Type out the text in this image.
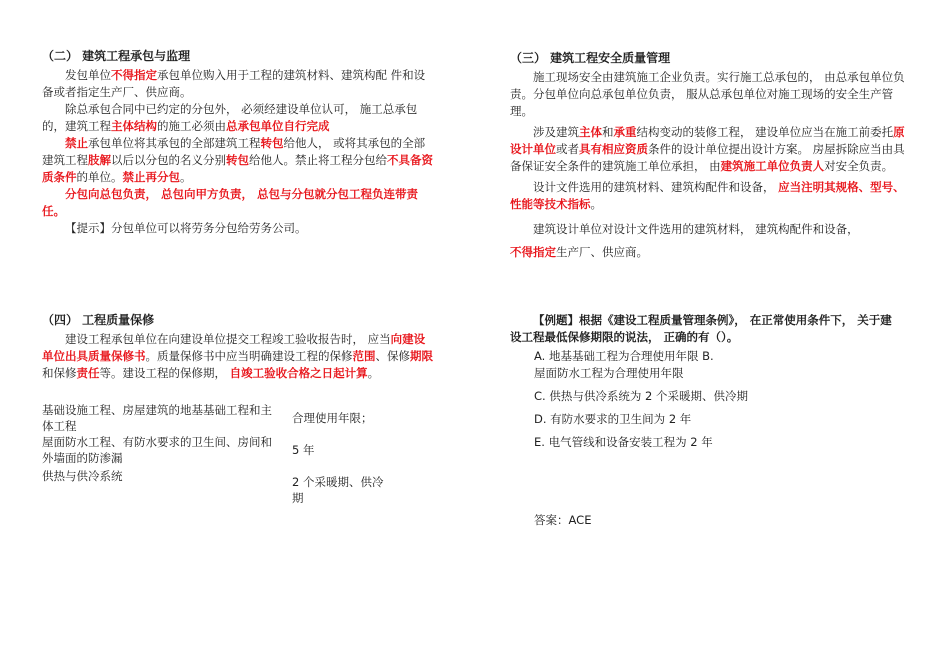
（二） 建筑工程承包与监理

发包单位不得指定承包单位购入用于工程的建筑材料、建筑构配 件和设备或者指定生产厂、供应商。

除总承包合同中已约定的分包外， 必须经建设单位认可， 施工总承包的，建筑工程主体结构的施工必须由总承包单位自行完成

禁止承包单位将其承包的全部建筑工程转包给他人， 或将其承包的全部建筑工程肢解以后以分包的名义分别转包给他人。禁止将工程分包给不具备资质条件的单位。禁止再分包。

分包向总包负责， 总包向甲方负责， 总包与分包就分包工程负连带责任。

【提示】分包单位可以将劳务分包给劳务公司。

（三） 建筑工程安全质量管理

施工现场安全由建筑施工企业负责。实行施工总承包的， 由总承包单位负责。分包单位向总承包单位负责， 服从总承包单位对施工现场的安全生产管理。

涉及建筑主体和承重结构变动的装修工程， 建设单位应当在施工前委托原设计单位或者具有相应资质条件的设计单位提出设计方案。 房屋拆除应当由具备保证安全条件的建筑施工单位承担， 由建筑施工单位负责人对安全负责。

设计文件选用的建筑材料、建筑构配件和设备， 应当注明其规格、型号、性能等技术指标。

建筑设计单位对设计文件选用的建筑材料， 建筑构配件和设备，

不得指定生产厂、供应商。

（四） 工程质量保修

建设工程承包单位在向建设单位提交工程竣工验收报告时， 应当向建设单位出具质量保修书。质量保修书中应当明确建设工程的保修范围、保修期限和保修责任等。建设工程的保修期， 自竣工验收合格之日起计算。

基础设施工程、房屋建筑的地基基础工程和主体工程
合理使用年限；
屋面防水工程、有防水要求的卫生间、房间和外墙面的防渗漏
5 年
供热与供冷系统	2 个采暖期、供冷期

【例题】根据《建设工程质量管理条例》， 在正常使用条件下， 关于建设工程最低保修期限的说法， 正确的有（）。

A. 地基基础工程为合理使用年限 B.

屋面防水工程为合理使用年限

C. 供热与供冷系统为 2 个采暖期、供冷期

D. 有防水要求的卫生间为 2 年

E. 电气管线和设备安装工程为 2 年

答案：ACE
